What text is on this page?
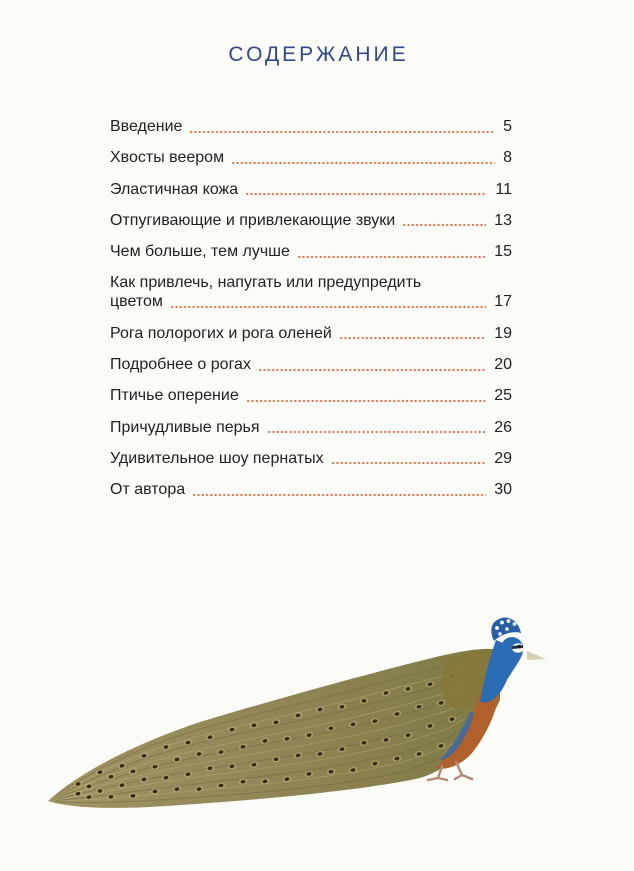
СОДЕРЖАНИЕ
Введение	5
Хвосты веером	8
Эластичная кожа	11
Отпугивающие и привлекающие звуки	13
Чем больше, тем лучше	15
Как привлечь, напугать или предупредить
цветом	17
Рога полорогих и рога оленей	19
Подробнее о рогах	20
Птичье оперение	25
Причудливые перья	26
Удивительное шоу пернатых	29
От автора	30
